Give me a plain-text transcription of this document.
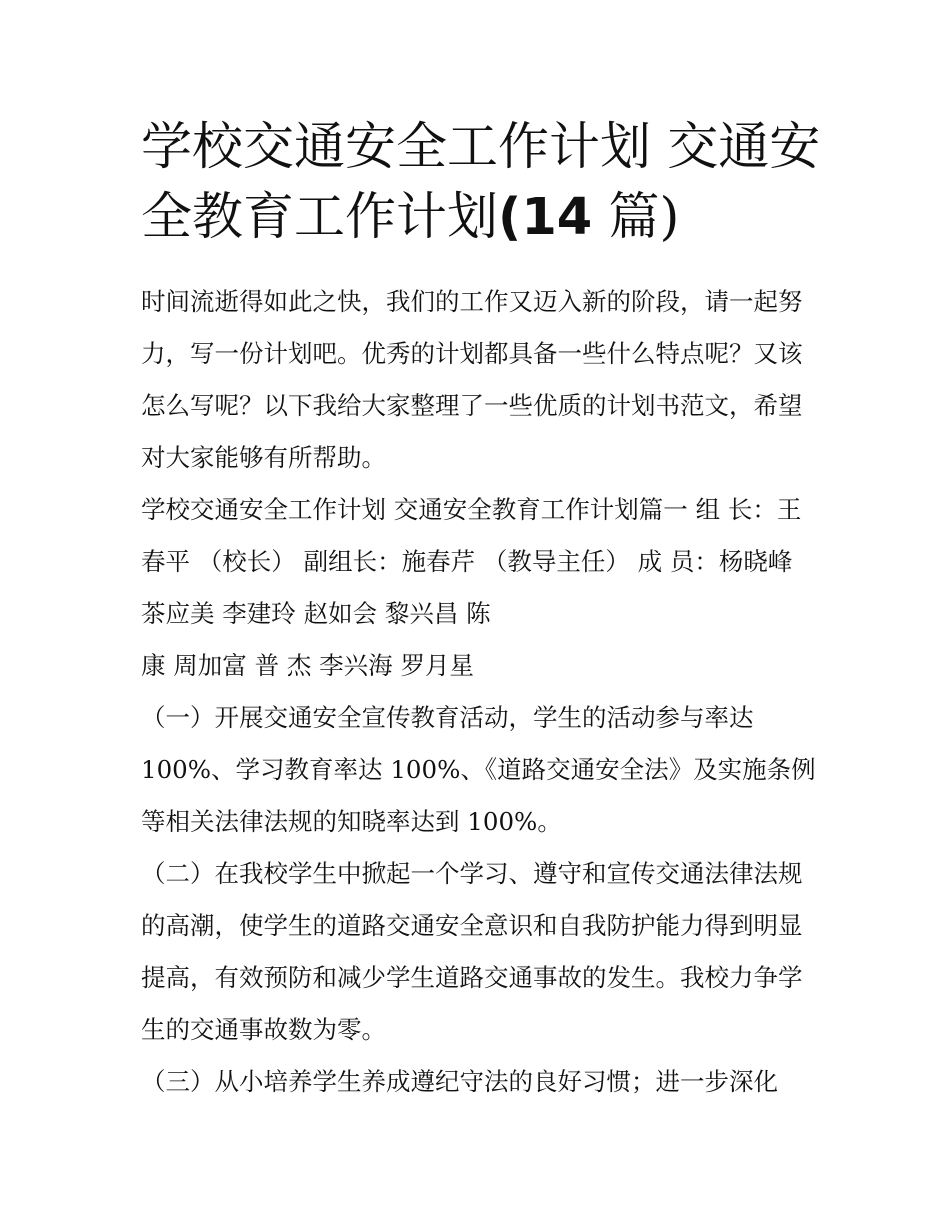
学校交通安全工作计划 交通安
全教育工作计划(14 篇)
时间流逝得如此之快，我们的工作又迈入新的阶段，请一起努
力，写一份计划吧。优秀的计划都具备一些什么特点呢？又该
怎么写呢？以下我给大家整理了一些优质的计划书范文，希望
对大家能够有所帮助。
学校交通安全工作计划 交通安全教育工作计划篇一 组 长：王
春平 （校长） 副组长：施春芹 （教导主任） 成 员：杨晓峰
茶应美 李建玲 赵如会 黎兴昌 陈
康 周加富 普 杰 李兴海 罗月星
（一）开展交通安全宣传教育活动，学生的活动参与率达
100%、学习教育率达 100%、《道路交通安全法》及实施条例
等相关法律法规的知晓率达到 100%。
（二）在我校学生中掀起一个学习、遵守和宣传交通法律法规
的高潮，使学生的道路交通安全意识和自我防护能力得到明显
提高，有效预防和减少学生道路交通事故的发生。我校力争学
生的交通事故数为零。
（三）从小培养学生养成遵纪守法的良好习惯；进一步深化
